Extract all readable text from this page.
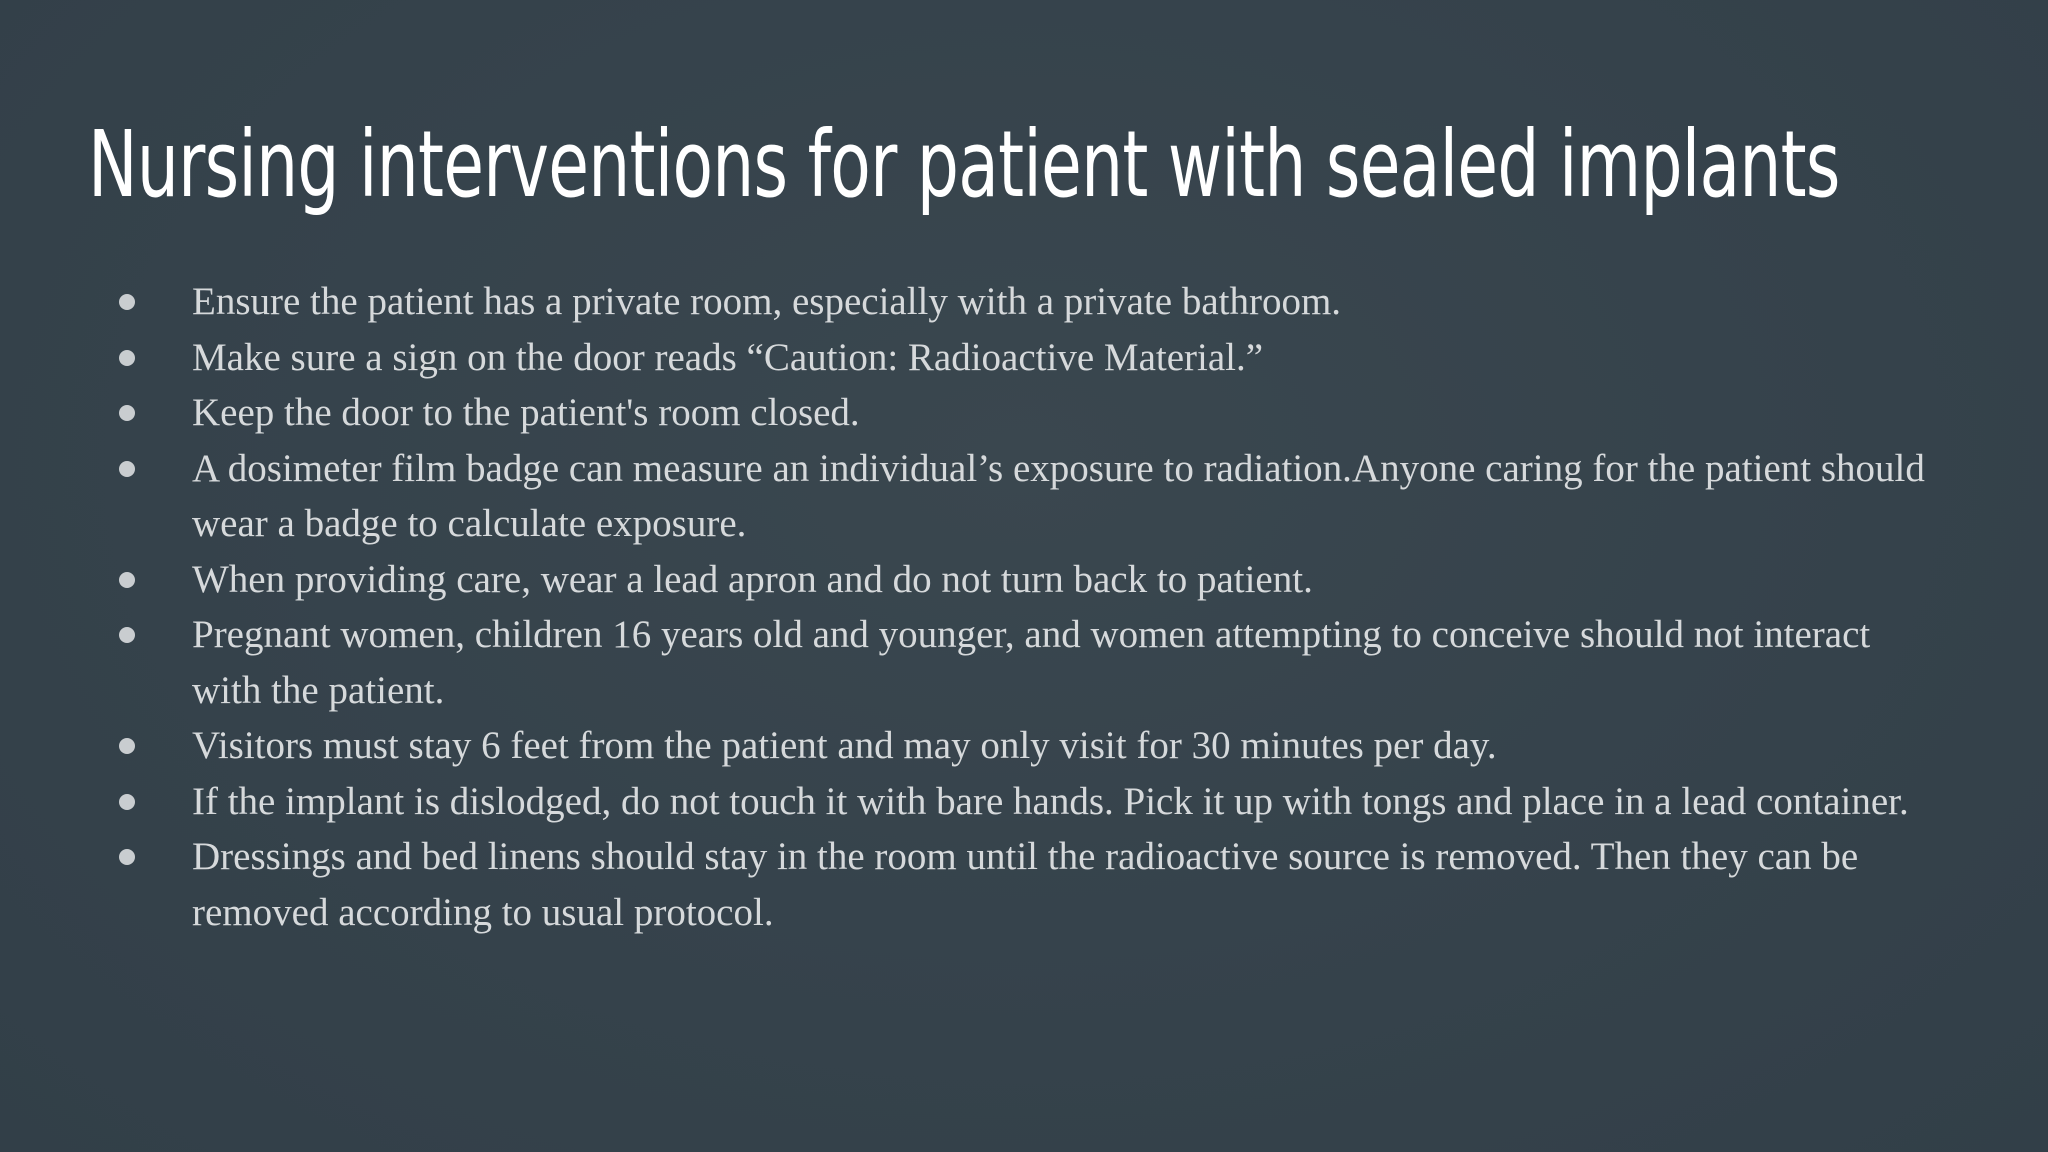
Nursing interventions for patient with sealed implants
Ensure the patient has a private room, especially with a private bathroom.
Make sure a sign on the door reads “Caution: Radioactive Material.”
Keep the door to the patient's room closed.
A dosimeter film badge can measure an individual’s exposure to radiation.Anyone caring for the patient should wear a badge to calculate exposure.
When providing care, wear a lead apron and do not turn back to patient.
Pregnant women, children 16 years old and younger, and women attempting to conceive should not interact with the patient.
Visitors must stay 6 feet from the patient and may only visit for 30 minutes per day.
If the implant is dislodged, do not touch it with bare hands. Pick it up with tongs and place in a lead container.
Dressings and bed linens should stay in the room until the radioactive source is removed. Then they can be removed according to usual protocol.
